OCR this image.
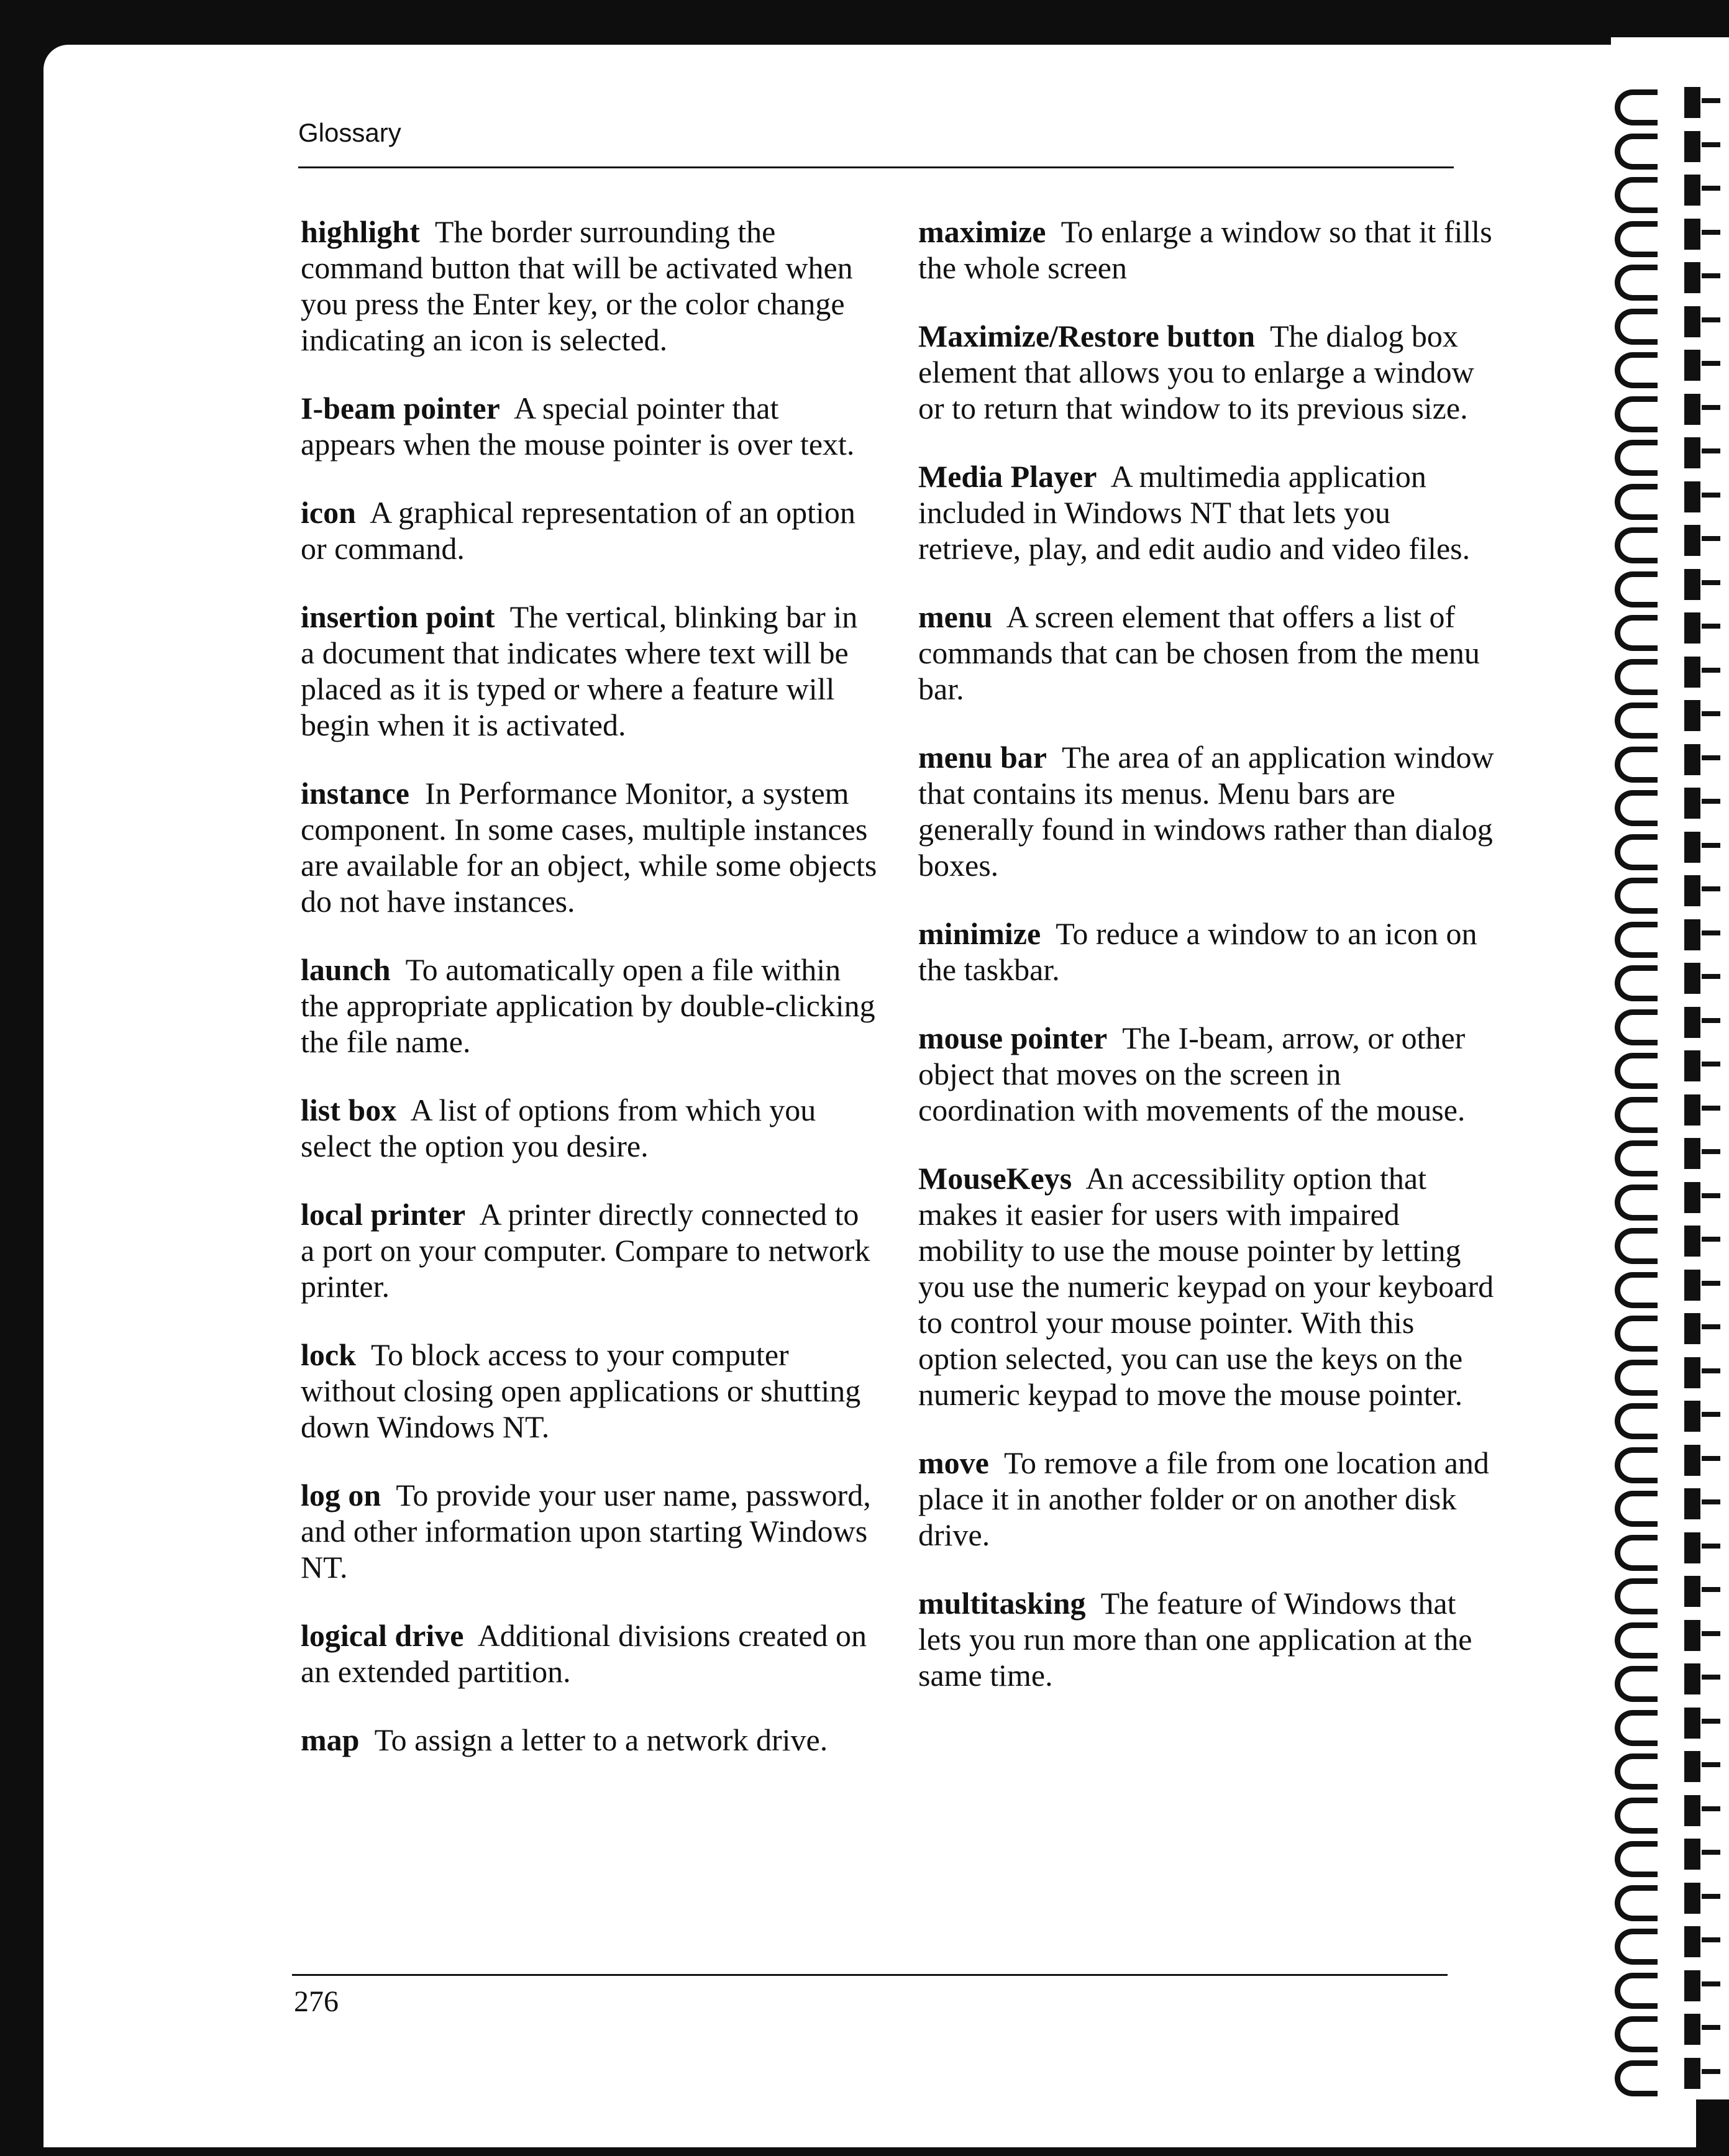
Glossary

highlight The border surrounding the command button that will be activated when you press the Enter key, or the color change indicating an icon is selected.

I-beam pointer A special pointer that appears when the mouse pointer is over text.

icon A graphical representation of an option or command.

insertion point The vertical, blinking bar in a document that indicates where text will be placed as it is typed or where a feature will begin when it is activated.

instance In Performance Monitor, a system component. In some cases, multiple instances are available for an object, while some objects do not have instances.

launch To automatically open a file within the appropriate application by double-clicking the file name.

list box A list of options from which you select the option you desire.

local printer A printer directly connected to a port on your computer. Compare to network printer.

lock To block access to your computer without closing open applications or shutting down Windows NT.

log on To provide your user name, password, and other information upon starting Windows NT.

logical drive Additional divisions created on an extended partition.

map To assign a letter to a network drive.

maximize To enlarge a window so that it fills the whole screen

Maximize/Restore button The dialog box element that allows you to enlarge a window or to return that window to its previous size.

Media Player A multimedia application included in Windows NT that lets you retrieve, play, and edit audio and video files.

menu A screen element that offers a list of commands that can be chosen from the menu bar.

menu bar The area of an application window that contains its menus. Menu bars are generally found in windows rather than dialog boxes.

minimize To reduce a window to an icon on the taskbar.

mouse pointer The I-beam, arrow, or other object that moves on the screen in coordination with movements of the mouse.

MouseKeys An accessibility option that makes it easier for users with impaired mobility to use the mouse pointer by letting you use the numeric keypad on your keyboard to control your mouse pointer. With this option selected, you can use the keys on the numeric keypad to move the mouse pointer.

move To remove a file from one location and place it in another folder or on another disk drive.

multitasking The feature of Windows that lets you run more than one application at the same time.

276
